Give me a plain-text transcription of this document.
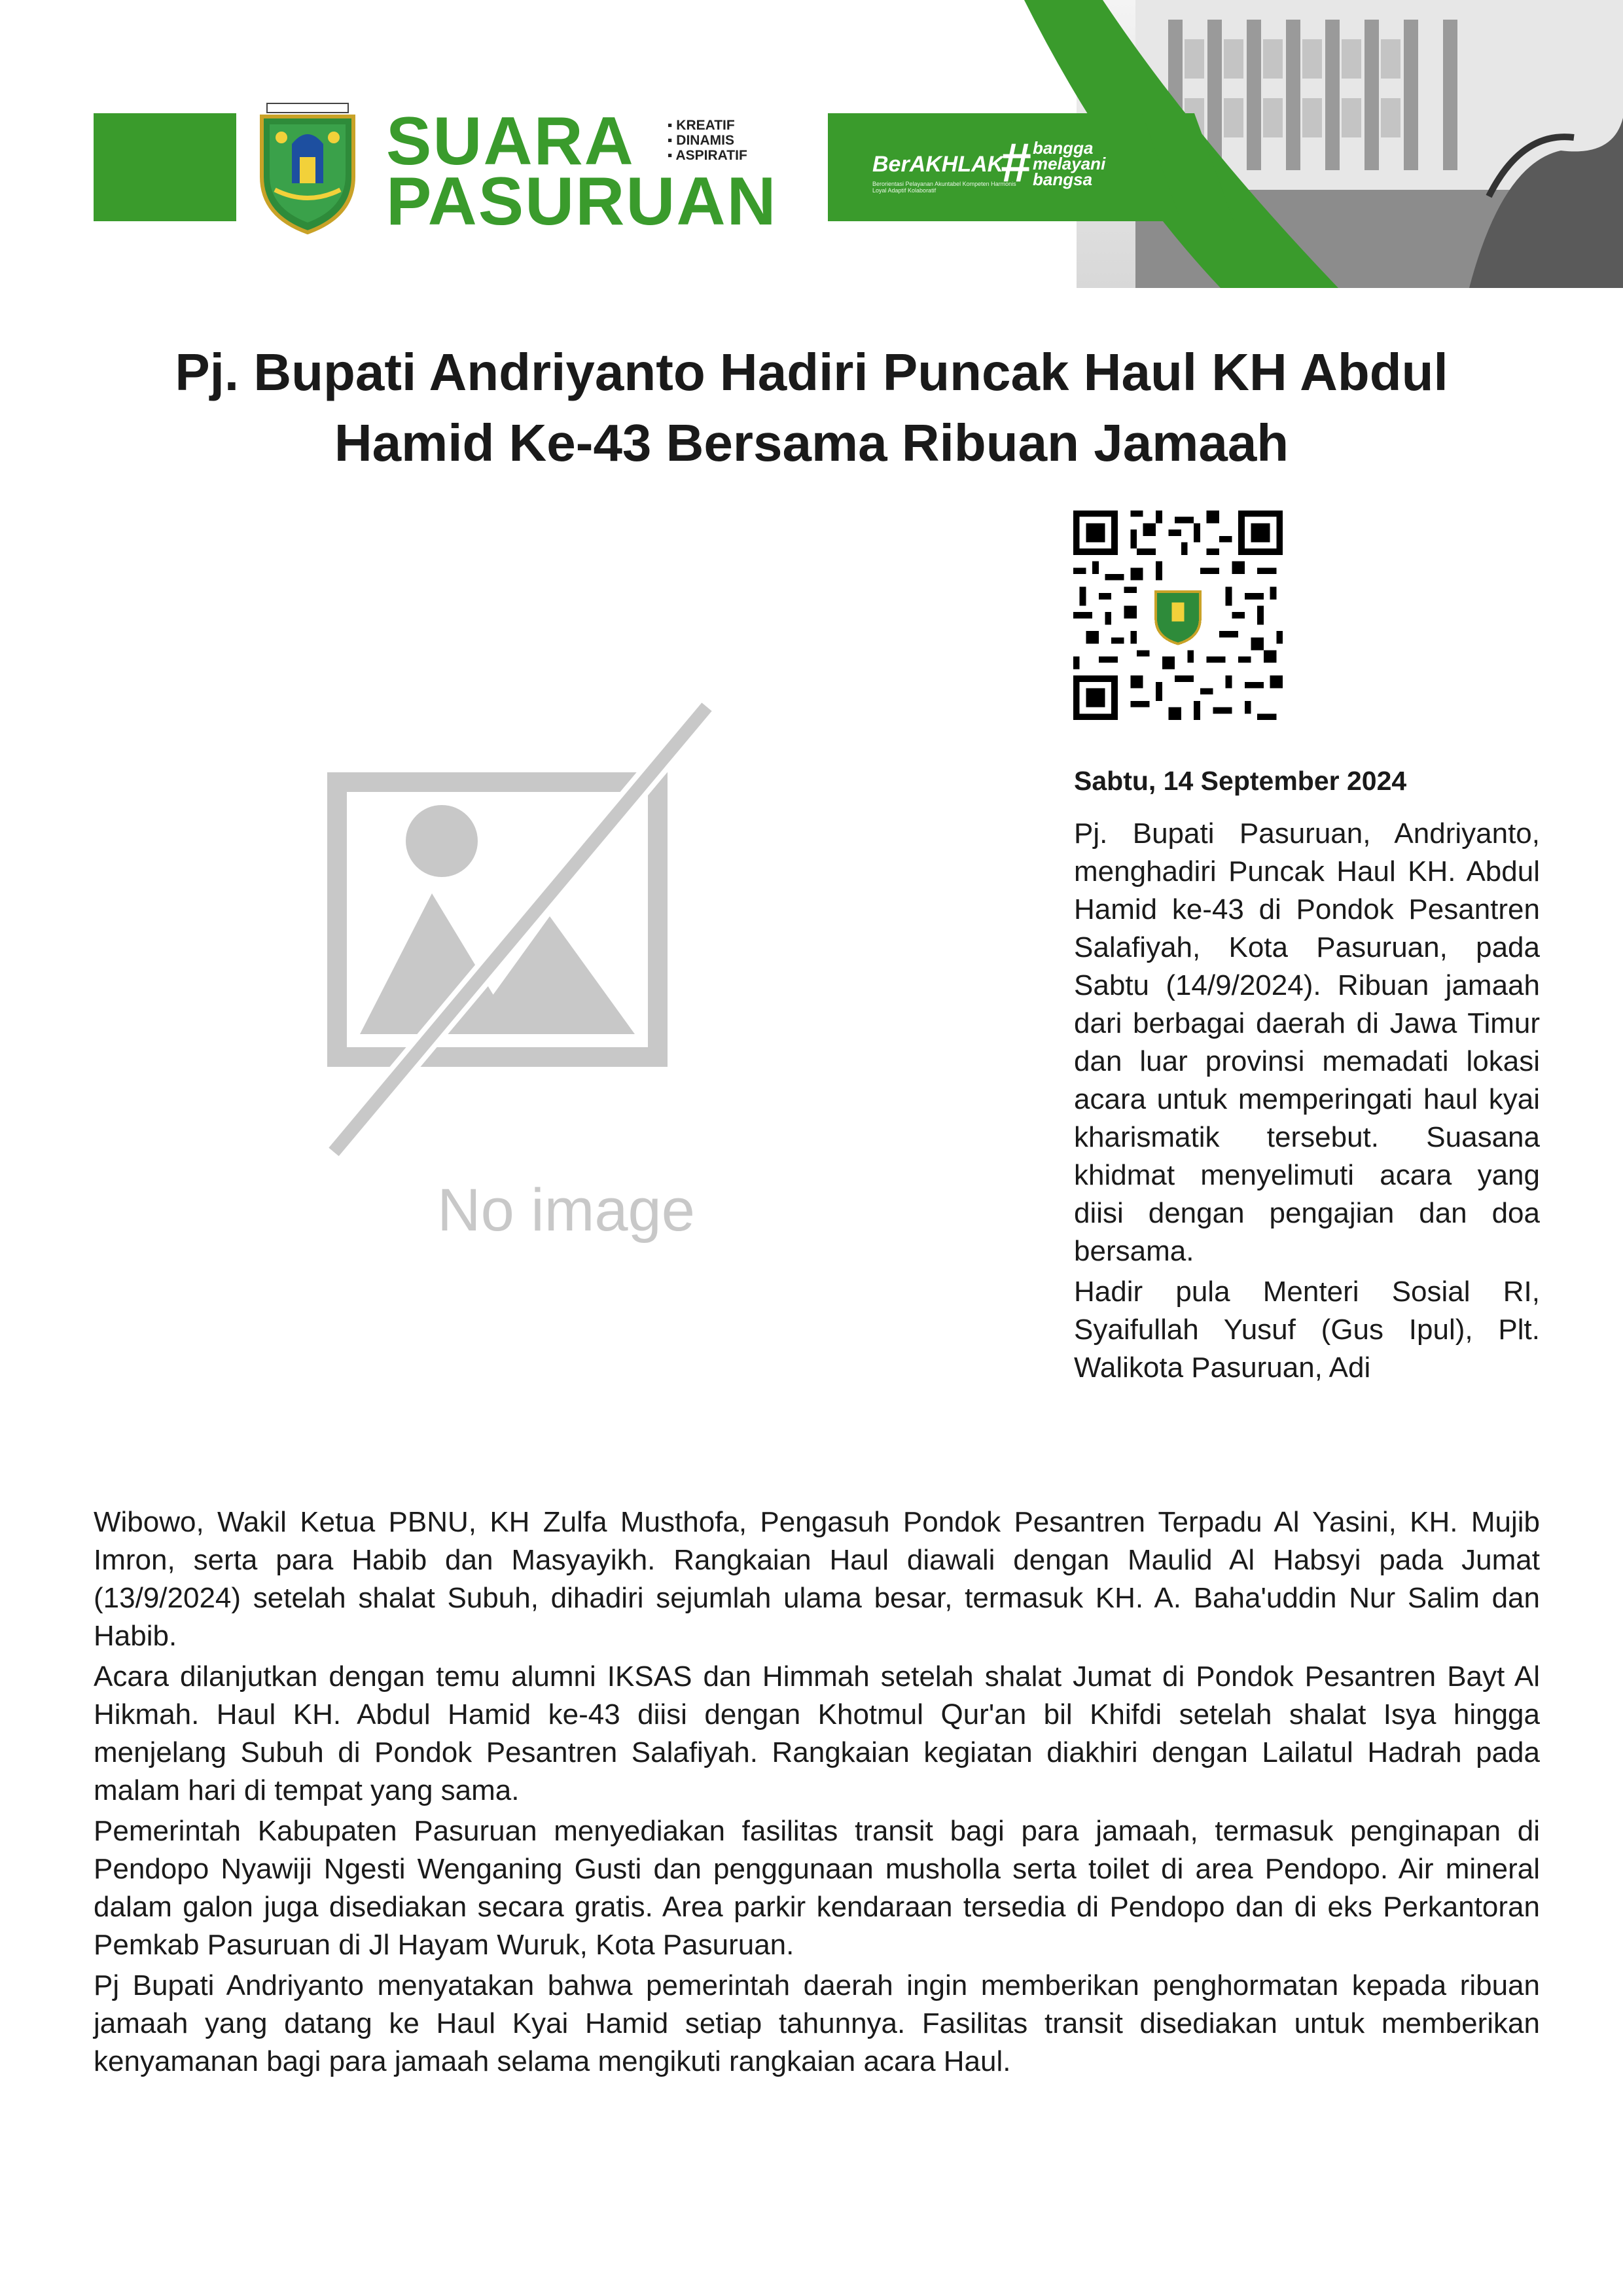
SUARA
PASURUAN
▪ KREATIF
▪ DINAMIS
▪ ASPIRATIF	BerAKHLAK
Berorientasi Pelayanan Akuntabel Kompeten Harmonis Loyal Adaptif Kolaboratif	# bangga
melayani
bangsa
Pj. Bupati Andriyanto Hadiri Puncak Haul KH Abdul
Hamid Ke-43 Bersama Ribuan Jamaah
No image
Sabtu, 14 September 2024

Pj. Bupati Pasuruan, Andriyanto, menghadiri Puncak Haul KH. Abdul Hamid ke-43 di Pondok Pesantren Salafiyah, Kota Pasuruan, pada Sabtu (14/9/2024). Ribuan jamaah dari berbagai daerah di Jawa Timur dan luar provinsi memadati lokasi acara untuk memperingati haul kyai kharismatik tersebut. Suasana khidmat menyelimuti acara yang diisi dengan pengajian dan doa bersama.

Hadir pula Menteri Sosial RI, Syaifullah Yusuf (Gus Ipul), Plt. Walikota Pasuruan, Adi

Wibowo, Wakil Ketua PBNU, KH Zulfa Musthofa, Pengasuh Pondok Pesantren Terpadu Al Yasini, KH. Mujib Imron, serta para Habib dan Masyayikh. Rangkaian Haul diawali dengan Maulid Al Habsyi pada Jumat (13/9/2024) setelah shalat Subuh, dihadiri sejumlah ulama besar, termasuk KH. A. Baha'uddin Nur Salim dan Habib.

Acara dilanjutkan dengan temu alumni IKSAS dan Himmah setelah shalat Jumat di Pondok Pesantren Bayt Al Hikmah. Haul KH. Abdul Hamid ke-43 diisi dengan Khotmul Qur'an bil Khifdi setelah shalat Isya hingga menjelang Subuh di Pondok Pesantren Salafiyah. Rangkaian kegiatan diakhiri dengan Lailatul Hadrah pada malam hari di tempat yang sama.

Pemerintah Kabupaten Pasuruan menyediakan fasilitas transit bagi para jamaah, termasuk penginapan di Pendopo Nyawiji Ngesti Wenganing Gusti dan penggunaan musholla serta toilet di area Pendopo. Air mineral dalam galon juga disediakan secara gratis. Area parkir kendaraan tersedia di Pendopo dan di eks Perkantoran Pemkab Pasuruan di Jl Hayam Wuruk, Kota Pasuruan.

Pj Bupati Andriyanto menyatakan bahwa pemerintah daerah ingin memberikan penghormatan kepada ribuan jamaah yang datang ke Haul Kyai Hamid setiap tahunnya. Fasilitas transit disediakan untuk memberikan kenyamanan bagi para jamaah selama mengikuti rangkaian acara Haul.
